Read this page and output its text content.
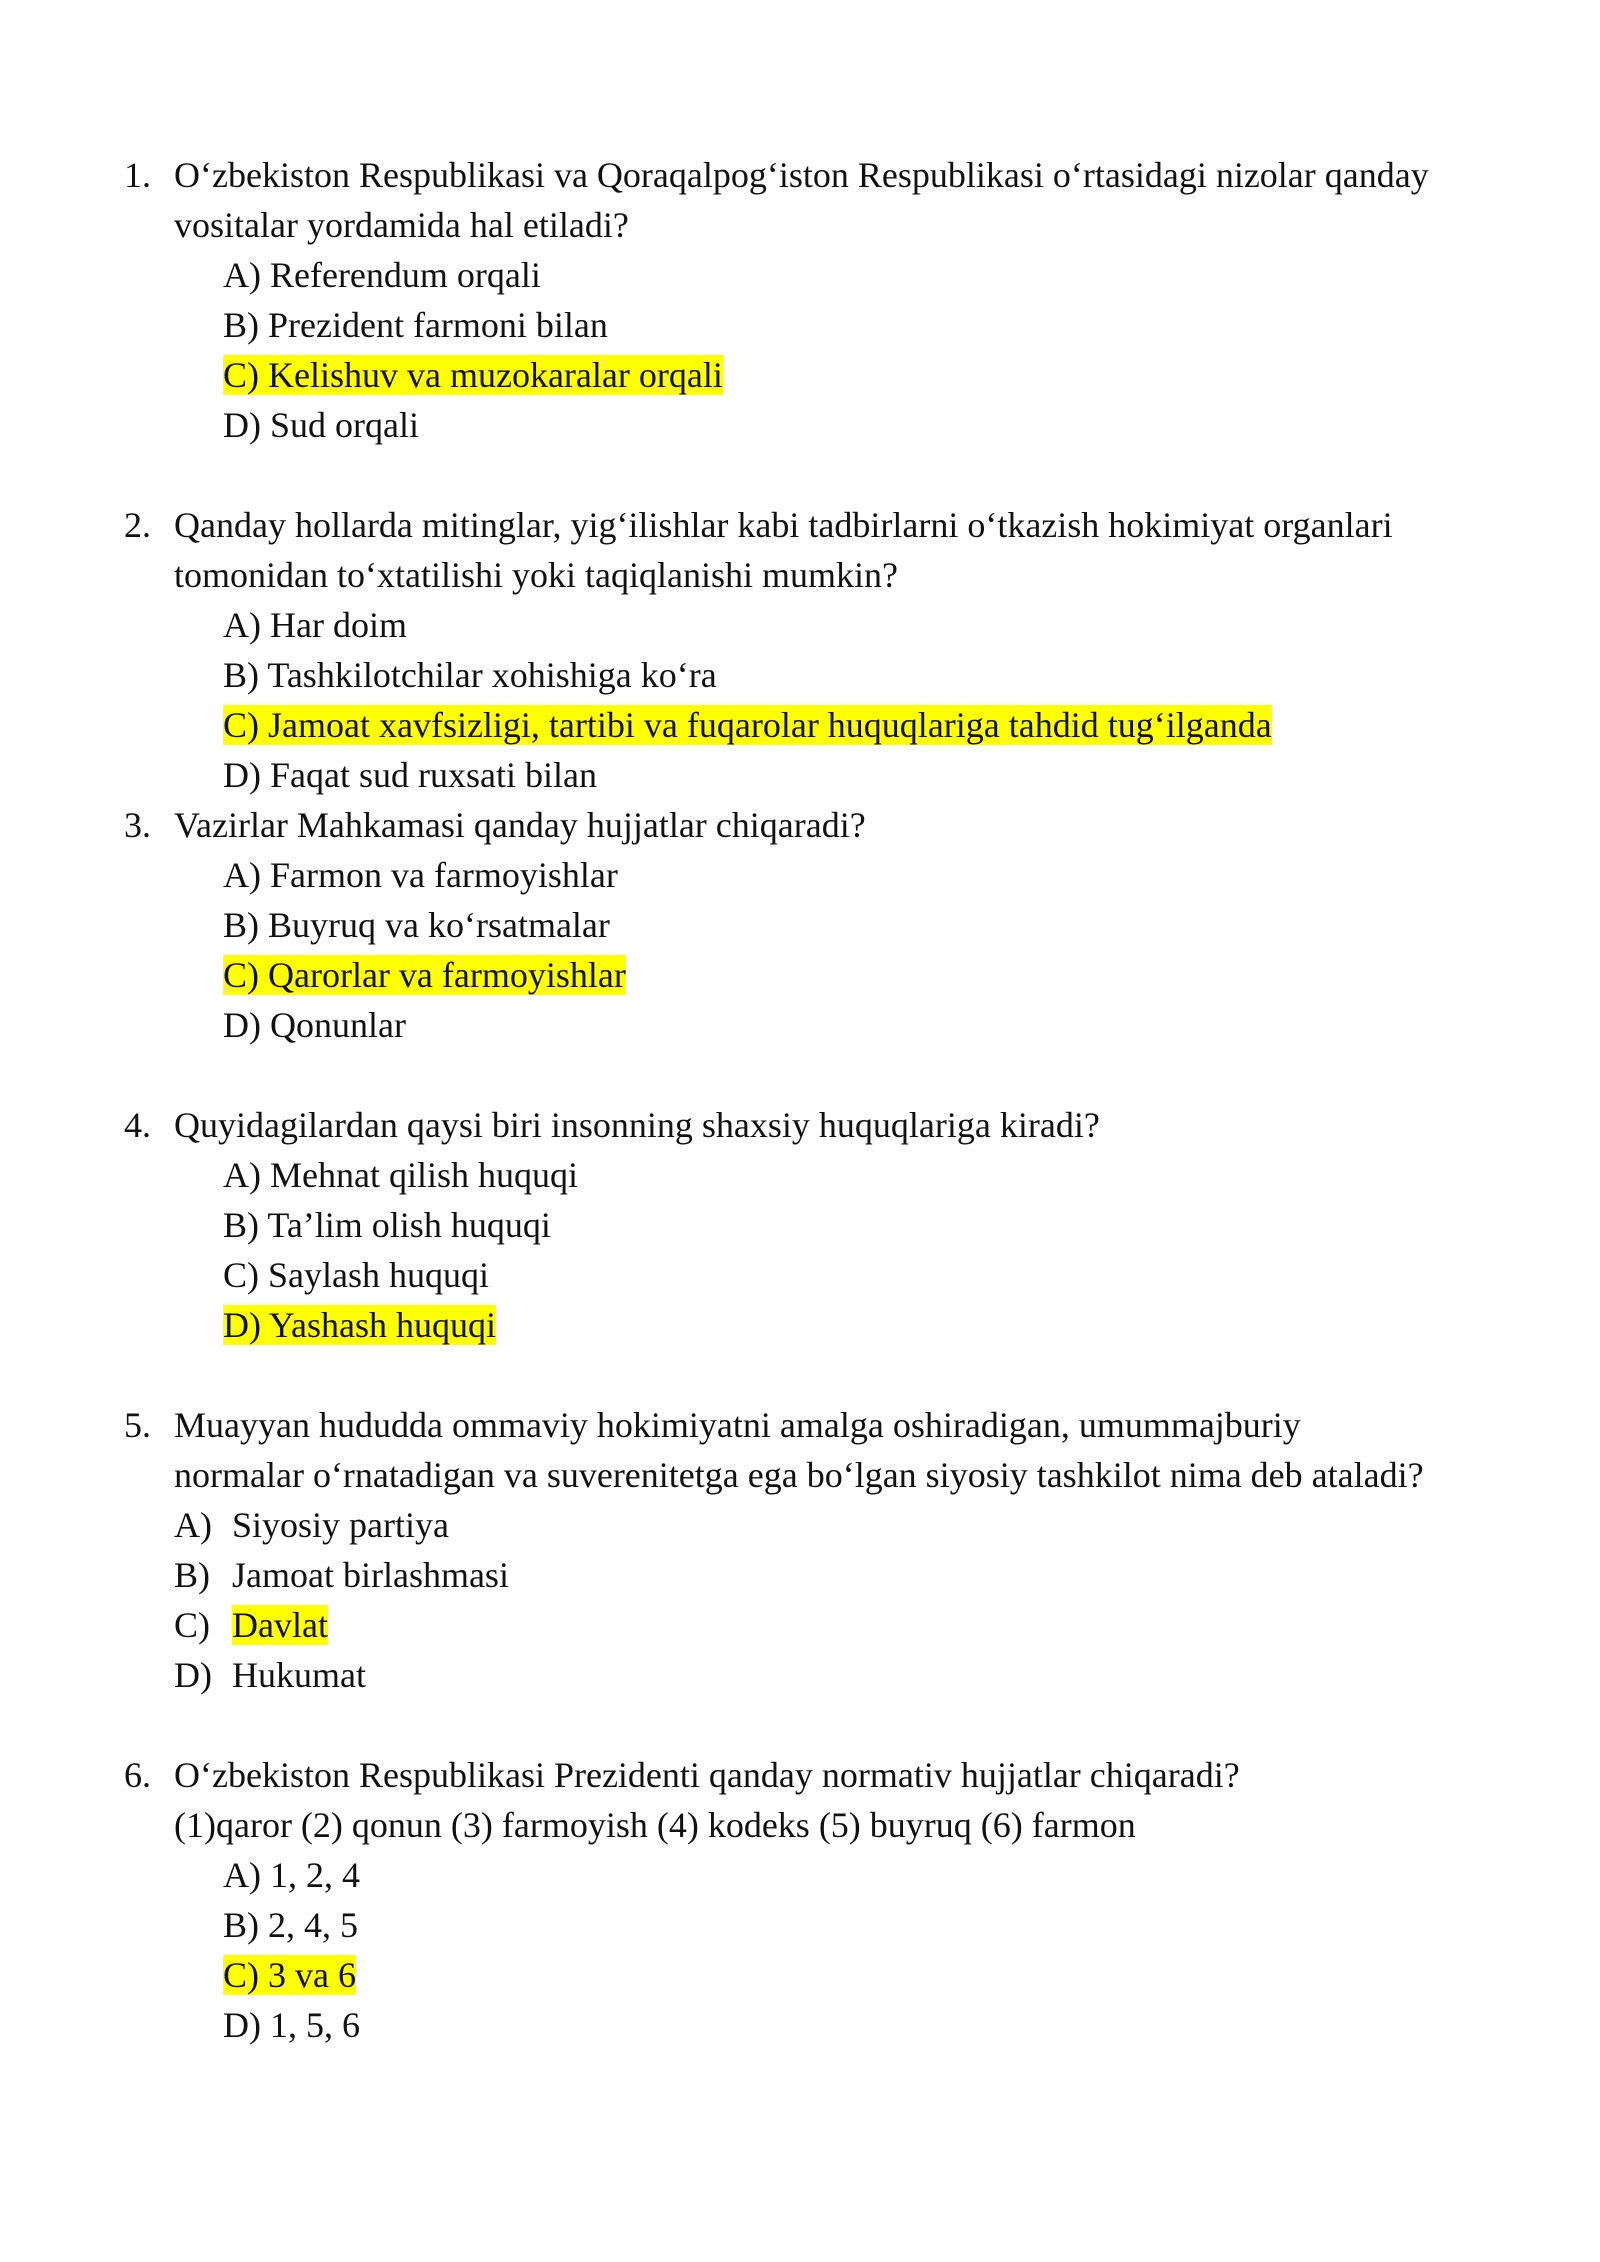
1. O‘zbekiston Respublikasi va Qoraqalpog‘iston Respublikasi o‘rtasidagi nizolar qanday
vositalar yordamida hal etiladi?
A) Referendum orqali
B) Prezident farmoni bilan
C) Kelishuv va muzokaralar orqali
D) Sud orqali
2. Qanday hollarda mitinglar, yig‘ilishlar kabi tadbirlarni o‘tkazish hokimiyat organlari
tomonidan to‘xtatilishi yoki taqiqlanishi mumkin?
A) Har doim
B) Tashkilotchilar xohishiga ko‘ra
C) Jamoat xavfsizligi, tartibi va fuqarolar huquqlariga tahdid tug‘ilganda
D) Faqat sud ruxsati bilan
3. Vazirlar Mahkamasi qanday hujjatlar chiqaradi?
A) Farmon va farmoyishlar
B) Buyruq va ko‘rsatmalar
C) Qarorlar va farmoyishlar
D) Qonunlar
4. Quyidagilardan qaysi biri insonning shaxsiy huquqlariga kiradi?
A) Mehnat qilish huquqi
B) Ta’lim olish huquqi
C) Saylash huquqi
D) Yashash huquqi
5. Muayyan hududda ommaviy hokimiyatni amalga oshiradigan, umummajburiy
normalar o‘rnatadigan va suverenitetga ega bo‘lgan siyosiy tashkilot nima deb ataladi?
A) Siyosiy partiya
B) Jamoat birlashmasi
C) Davlat
D) Hukumat
6. O‘zbekiston Respublikasi Prezidenti qanday normativ hujjatlar chiqaradi?
(1)qaror (2) qonun (3) farmoyish (4) kodeks (5) buyruq (6) farmon
A) 1, 2, 4
B) 2, 4, 5
C) 3 va 6
D) 1, 5, 6
